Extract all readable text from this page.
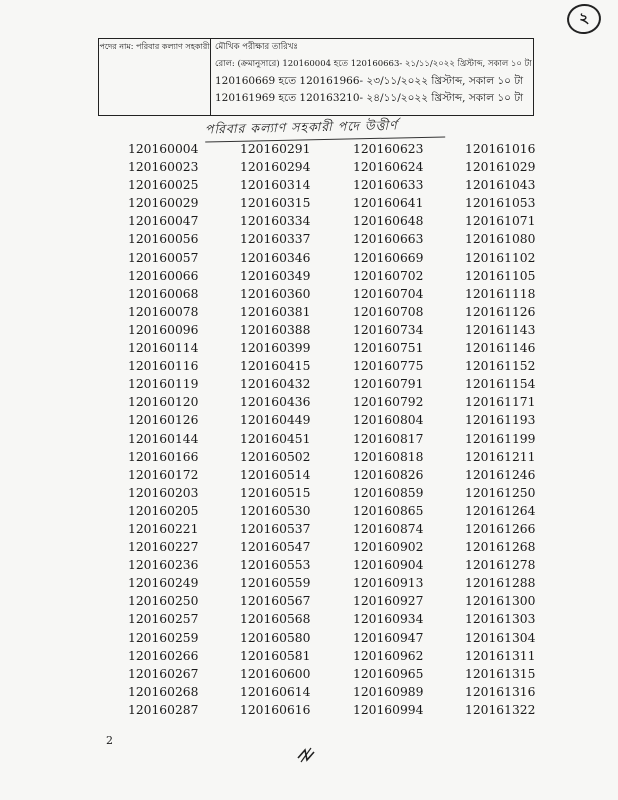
২
পদের নাম: পরিবার কল্যাণ সহকারী	মৌখিক পরীক্ষার তারিখঃ
রোল: (ক্রমানুসারে) 120160004 হতে 120160663- ২১/১১/২০২২ খ্রিস্টাব্দ, সকাল ১০ টা
120160669 হতে 120161966- ২৩/১১/২০২২ খ্রিস্টাব্দ, সকাল ১০ টা
120161969 হতে 120163210- ২৪/১১/২০২২ খ্রিস্টাব্দ, সকাল ১০ টা
পরিবার কল্যাণ সহকারী পদে উত্তীর্ণ
120160004	120160291	120160623	120161016
120160023	120160294	120160624	120161029
120160025	120160314	120160633	120161043
120160029	120160315	120160641	120161053
120160047	120160334	120160648	120161071
120160056	120160337	120160663	120161080
120160057	120160346	120160669	120161102
120160066	120160349	120160702	120161105
120160068	120160360	120160704	120161118
120160078	120160381	120160708	120161126
120160096	120160388	120160734	120161143
120160114	120160399	120160751	120161146
120160116	120160415	120160775	120161152
120160119	120160432	120160791	120161154
120160120	120160436	120160792	120161171
120160126	120160449	120160804	120161193
120160144	120160451	120160817	120161199
120160166	120160502	120160818	120161211
120160172	120160514	120160826	120161246
120160203	120160515	120160859	120161250
120160205	120160530	120160865	120161264
120160221	120160537	120160874	120161266
120160227	120160547	120160902	120161268
120160236	120160553	120160904	120161278
120160249	120160559	120160913	120161288
120160250	120160567	120160927	120161300
120160257	120160568	120160934	120161303
120160259	120160580	120160947	120161304
120160266	120160581	120160962	120161311
120160267	120160600	120160965	120161315
120160268	120160614	120160989	120161316
120160287	120160616	120160994	120161322
2
